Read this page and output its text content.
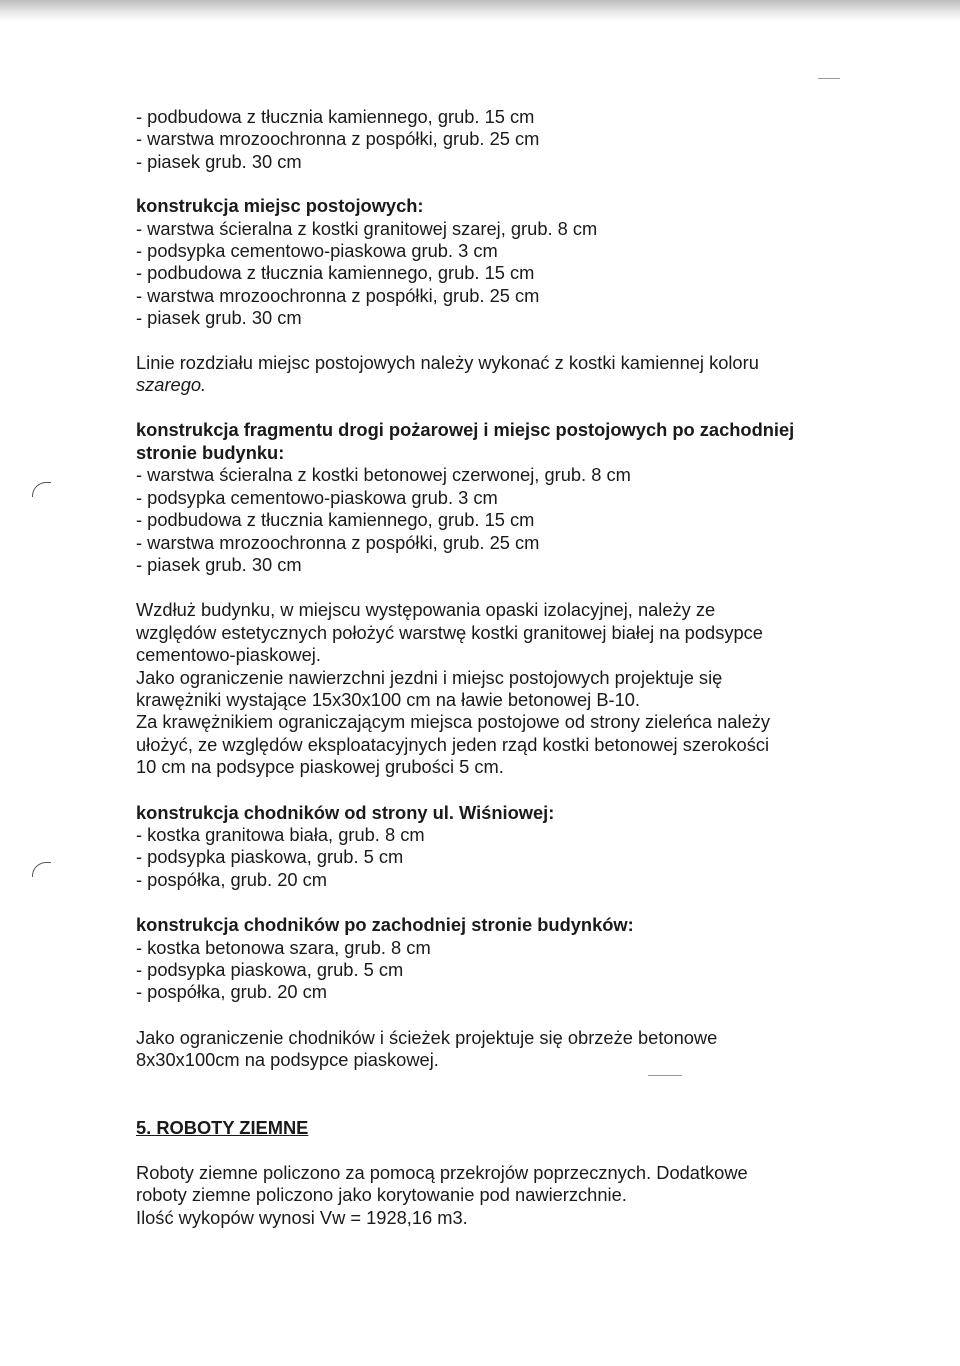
- podbudowa z tłucznia kamiennego, grub. 15 cm
- warstwa mrozoochronna z pospółki, grub. 25 cm
- piasek grub. 30 cm
konstrukcja miejsc postojowych:
- warstwa ścieralna z kostki granitowej szarej, grub. 8 cm
- podsypka cementowo-piaskowa grub. 3 cm
- podbudowa z tłucznia kamiennego, grub. 15 cm
- warstwa mrozoochronna z pospółki, grub. 25 cm
- piasek grub. 30 cm
Linie rozdziału miejsc postojowych należy wykonać z kostki kamiennej koloru
szarego.
konstrukcja fragmentu drogi pożarowej i miejsc postojowych po zachodniej
stronie budynku:
- warstwa ścieralna z kostki betonowej czerwonej, grub. 8 cm
- podsypka cementowo-piaskowa grub. 3 cm
- podbudowa z tłucznia kamiennego, grub. 15 cm
- warstwa mrozoochronna z pospółki, grub. 25 cm
- piasek grub. 30 cm
Wzdłuż budynku, w miejscu występowania opaski izolacyjnej, należy ze
względów estetycznych położyć warstwę kostki granitowej białej na podsypce
cementowo-piaskowej.
Jako ograniczenie nawierzchni jezdni i miejsc postojowych projektuje się
krawężniki wystające 15x30x100 cm na ławie betonowej B-10.
Za krawężnikiem ograniczającym miejsca postojowe od strony zieleńca należy
ułożyć, ze względów eksploatacyjnych jeden rząd kostki betonowej szerokości
10 cm na podsypce piaskowej grubości 5 cm.
konstrukcja chodników od strony ul. Wiśniowej:
- kostka granitowa biała, grub. 8 cm
- podsypka piaskowa, grub. 5 cm
- pospółka, grub. 20 cm
konstrukcja chodników po zachodniej stronie budynków:
- kostka betonowa szara, grub. 8 cm
- podsypka piaskowa, grub. 5 cm
- pospółka, grub. 20 cm
Jako ograniczenie chodników i ścieżek projektuje się obrzeże betonowe
8x30x100cm na podsypce piaskowej.
5. ROBOTY ZIEMNE
Roboty ziemne policzono za pomocą przekrojów poprzecznych. Dodatkowe
roboty ziemne policzono jako korytowanie pod nawierzchnie.
Ilość wykopów wynosi Vw = 1928,16 m3.
